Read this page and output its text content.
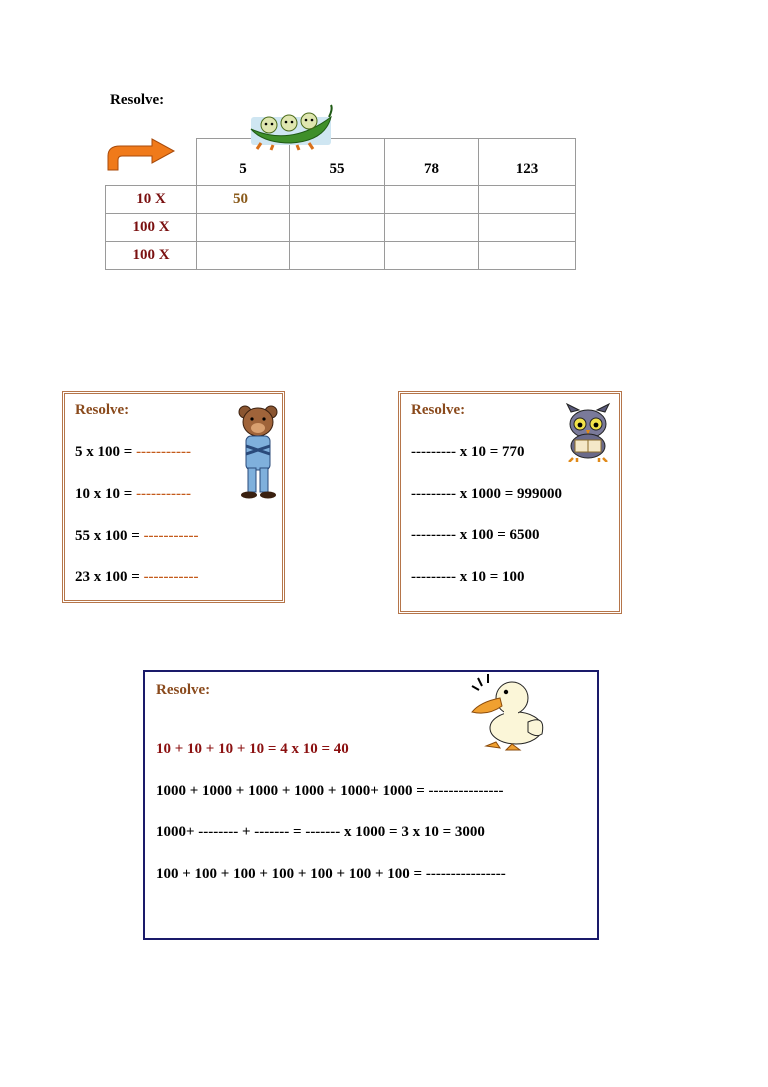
Resolve:
	5	55	78	123
10 X	50			
100 X				
100 X				
Resolve:
5 x 100 = -----------
10 x 10 = -----------
55 x 100 = -----------
23 x 100 = -----------
Resolve:
--------- x 10 = 770
--------- x 1000 = 999000
--------- x 100 = 6500
--------- x 10 = 100
Resolve:
10 + 10 + 10 + 10 = 4 x 10 = 40
1000 + 1000 + 1000 + 1000 + 1000+ 1000 = ---------------
1000+ -------- + ------- = ------- x 1000 = 3 x 10 = 3000
100 + 100 + 100 + 100 + 100 + 100 + 100 = ----------------
